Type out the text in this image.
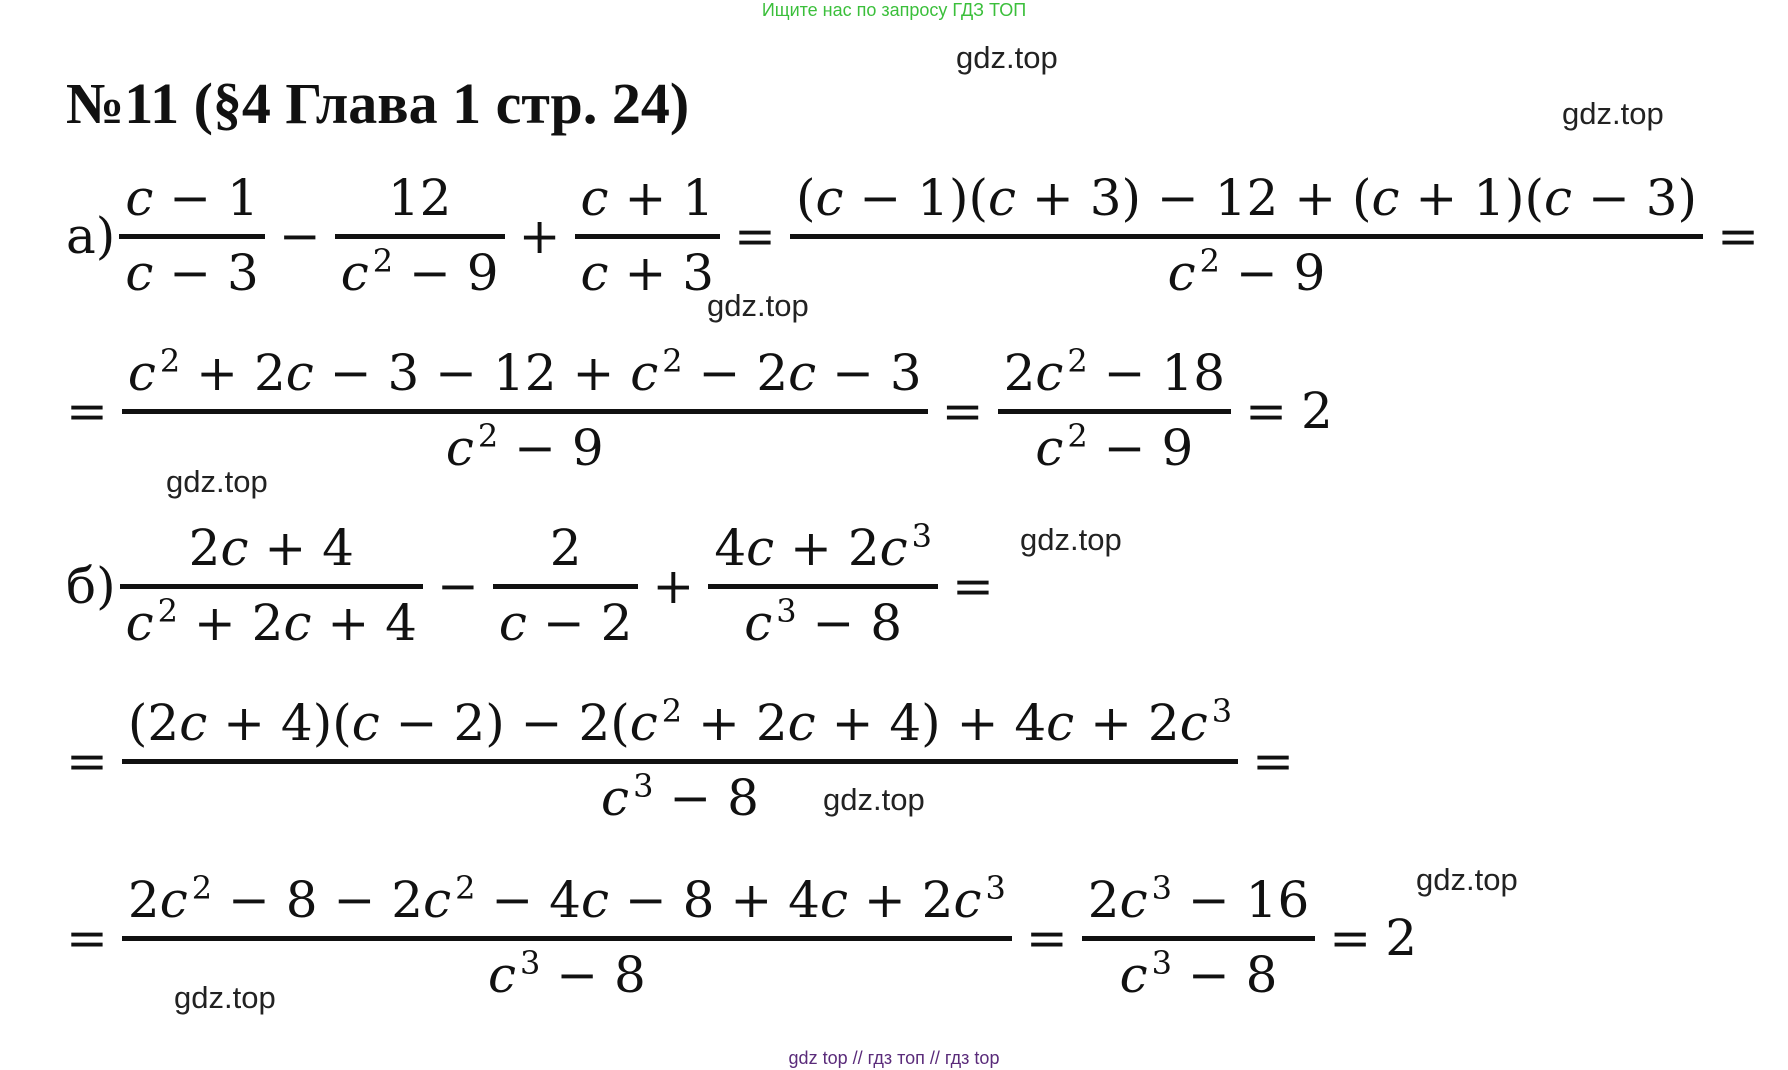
Ищите нас по запросу ГДЗ ТОП
№11 (§4 Глава 1 стр. 24)
gdz.top
gdz.top
gdz.top
gdz.top
gdz.top
gdz.top
gdz.top
gdz.top
а)
c − 1
c − 3
−
12
c $^2$ − 9
+
c + 1
c + 3
=
(c − 1)(c + 3) − 12 + (c + 1)(c − 3)
c $^2$ − 9
=
=
c $^2$ + 2c − 3 − 12 + c $^2$ − 2c − 3
c $^2$ − 9
=
2c $^2$ − 18
c $^2$ − 9
= 2
б)
2c + 4
c $^2$ + 2c + 4
−
2
c − 2
+
4c + 2c $^3$
c $^3$ − 8
=
=
(2c + 4)(c − 2) − 2(c $^2$ + 2c + 4) + 4c + 2c $^3$
c $^3$ − 8
=
=
2c $^2$ − 8 − 2c $^2$ − 4c − 8 + 4c + 2c $^3$
c $^3$ − 8
=
2c $^3$ − 16
c $^3$ − 8
= 2
gdz top // гдз топ // гдз top
